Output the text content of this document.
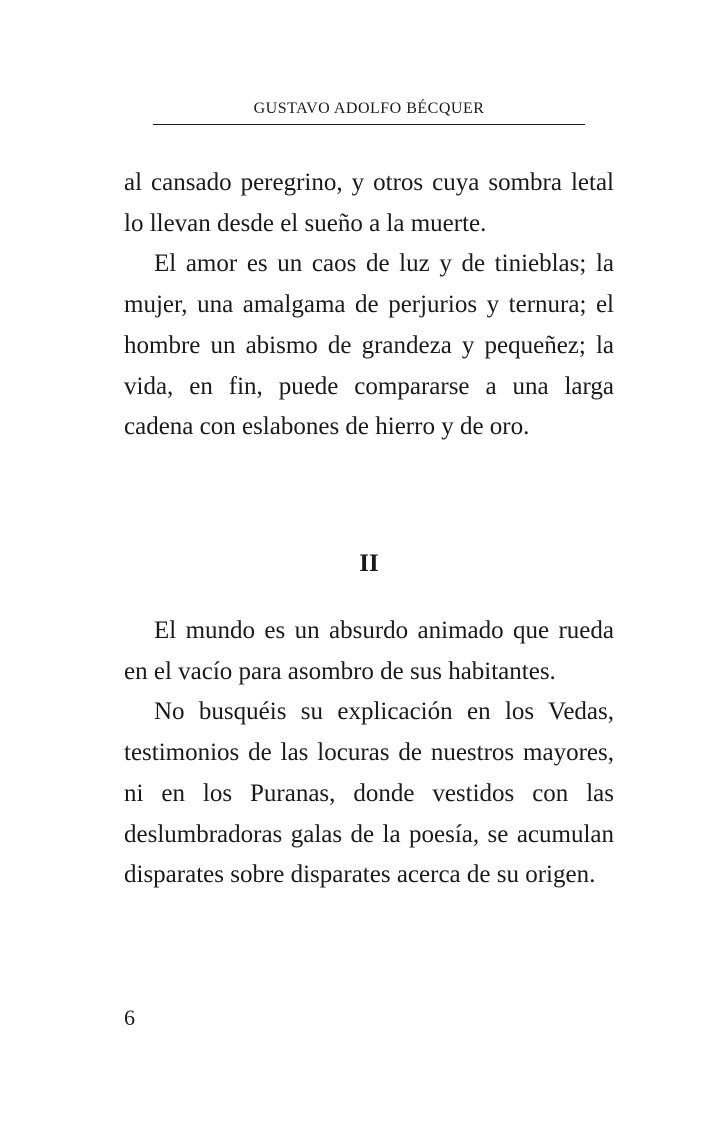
GUSTAVO ADOLFO BÉCQUER

al cansado peregrino, y otros cuya sombra letal lo llevan desde el sueño a la muerte.

El amor es un caos de luz y de tinieblas; la mujer, una amalgama de perjurios y ternura; el hombre un abismo de grandeza y pequeñez; la vida, en fin, puede compararse a una larga cadena con eslabones de hierro y de oro.

II

El mundo es un absurdo animado que rueda en el vacío para asombro de sus habitantes.

No busquéis su explicación en los Vedas, testimonios de las locuras de nuestros mayores, ni en los Puranas, donde vestidos con las deslumbradoras galas de la poesía, se acumulan disparates sobre disparates acerca de su origen.

6
